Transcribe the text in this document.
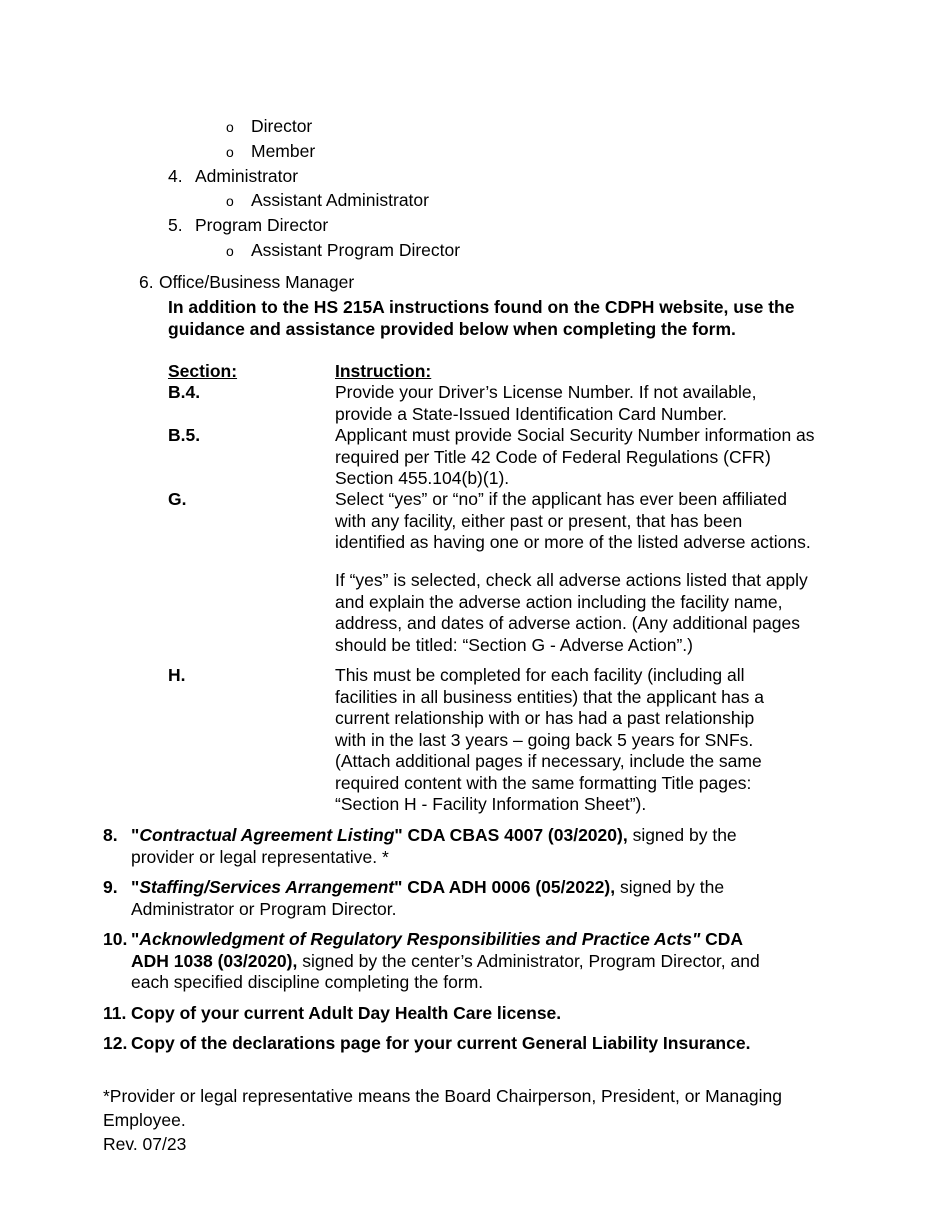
o Director
o Member
4. Administrator
o Assistant Administrator
5. Program Director
o Assistant Program Director
6. Office/Business Manager
In addition to the HS 215A instructions found on the CDPH website, use the
guidance and assistance provided below when completing the form.
Section:	Instruction:
B.4.	Provide your Driver’s License Number. If not available,
provide a State-Issued Identification Card Number.
B.5.	Applicant must provide Social Security Number information as
required per Title 42 Code of Federal Regulations (CFR)
Section 455.104(b)(1).
G.	Select “yes” or “no” if the applicant has ever been affiliated
with any facility, either past or present, that has been
identified as having one or more of the listed adverse actions.
If “yes” is selected, check all adverse actions listed that apply
and explain the adverse action including the facility name,
address, and dates of adverse action. (Any additional pages
should be titled: “Section G - Adverse Action”.)
H.	This must be completed for each facility (including all
facilities in all business entities) that the applicant has a
current relationship with or has had a past relationship
with in the last 3 years – going back 5 years for SNFs.
(Attach additional pages if necessary, include the same
required content with the same formatting Title pages:
“Section H - Facility Information Sheet”).
8. "Contractual Agreement Listing" CDA CBAS 4007 (03/2020), signed by the
provider or legal representative. *
9. "Staffing/Services Arrangement" CDA ADH 0006 (05/2022), signed by the
Administrator or Program Director.
10. "Acknowledgment of Regulatory Responsibilities and Practice Acts" CDA
ADH 1038 (03/2020), signed by the center’s Administrator, Program Director, and
each specified discipline completing the form.
11. Copy of your current Adult Day Health Care license.
12. Copy of the declarations page for your current General Liability Insurance.
*Provider or legal representative means the Board Chairperson, President, or Managing
Employee.
Rev. 07/23
